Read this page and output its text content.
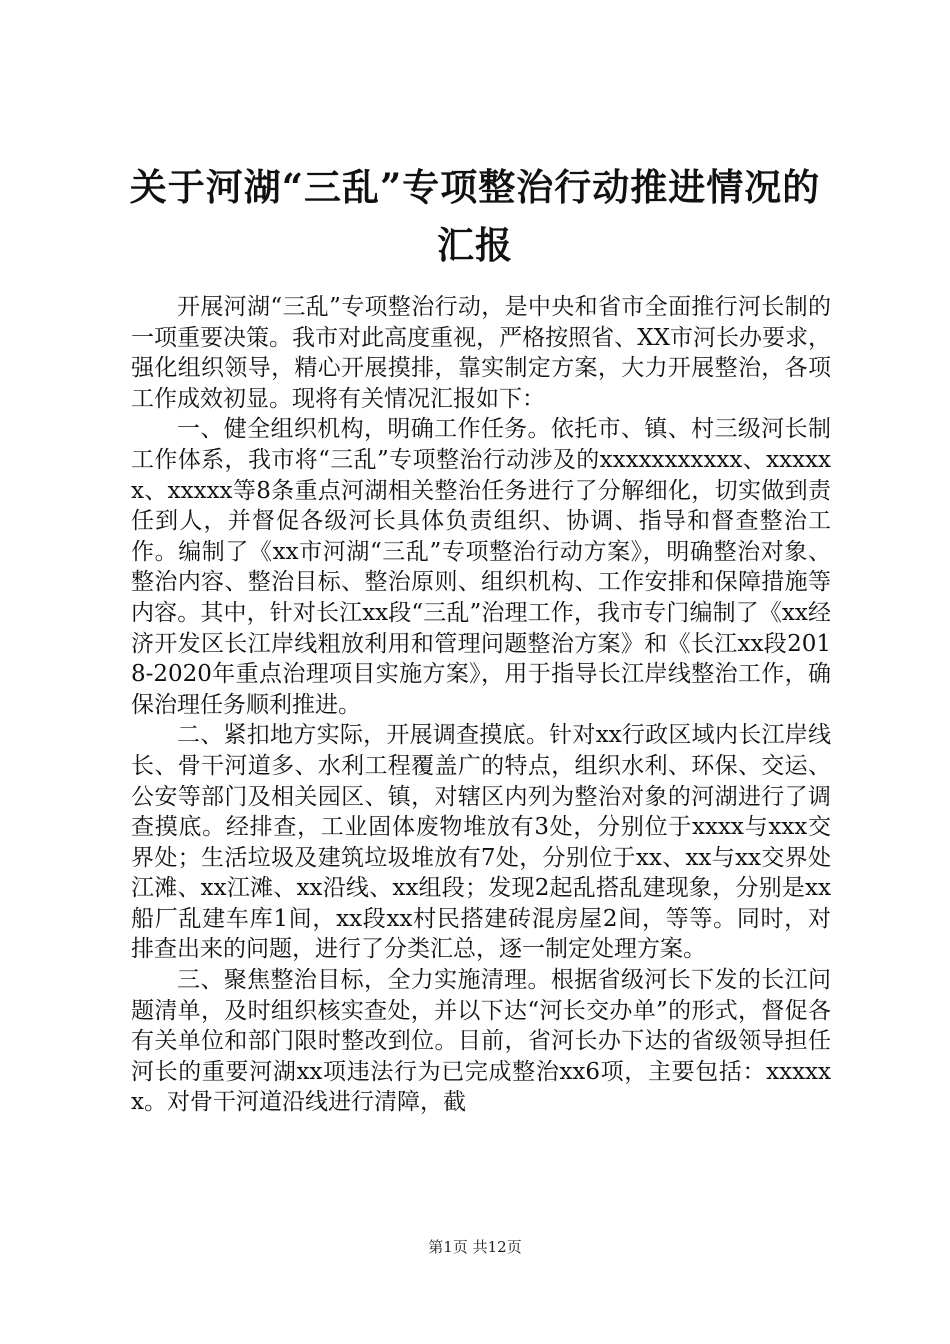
关于河湖“三乱”专项整治行动推进情况的汇报

开展河湖“三乱”专项整治行动，是中央和省市全面推行河长制的一项重要决策。我市对此高度重视，严格按照省、XX市河长办要求，强化组织领导，精心开展摸排，靠实制定方案，大力开展整治，各项工作成效初显。现将有关情况汇报如下：

一、健全组织机构，明确工作任务。依托市、镇、村三级河长制工作体系，我市将“三乱”专项整治行动涉及的xxxxxxxxxxx、xxxxxx、xxxxx等8条重点河湖相关整治任务进行了分解细化，切实做到责任到人，并督促各级河长具体负责组织、协调、指导和督查整治工作。编制了《xx市河湖“三乱”专项整治行动方案》，明确整治对象、整治内容、整治目标、整治原则、组织机构、工作安排和保障措施等内容。其中，针对长江xx段“三乱”治理工作，我市专门编制了《xx经济开发区长江岸线粗放利用和管理问题整治方案》和《长江xx段2018-2020年重点治理项目实施方案》，用于指导长江岸线整治工作，确保治理任务顺利推进。

二、紧扣地方实际，开展调查摸底。针对xx行政区域内长江岸线长、骨干河道多、水利工程覆盖广的特点，组织水利、环保、交运、公安等部门及相关园区、镇，对辖区内列为整治对象的河湖进行了调查摸底。经排查，工业固体废物堆放有3处，分别位于xxxx与xxx交界处；生活垃圾及建筑垃圾堆放有7处，分别位于xx、xx与xx交界处江滩、xx江滩、xx沿线、xx组段；发现2起乱搭乱建现象，分别是xx船厂乱建车库1间，xx段xx村民搭建砖混房屋2间，等等。同时，对排查出来的问题，进行了分类汇总，逐一制定处理方案。

三、聚焦整治目标，全力实施清理。根据省级河长下发的长江问题清单，及时组织核实查处，并以下达“河长交办单”的形式，督促各有关单位和部门限时整改到位。目前，省河长办下达的省级领导担任河长的重要河湖xx项违法行为已完成整治xx6项，主要包括：xxxxxx。对骨干河道沿线进行清障，截

第1页 共12页
